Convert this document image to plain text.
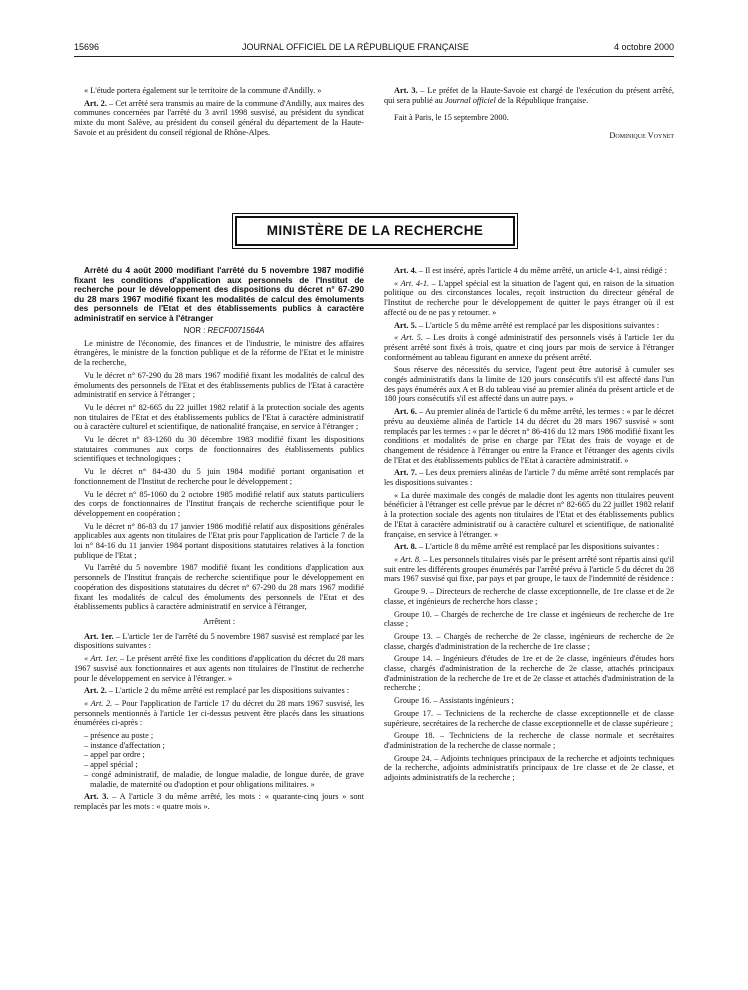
15696	JOURNAL OFFICIEL DE LA RÉPUBLIQUE FRANÇAISE	4 octobre 2000

« L'étude portera également sur le territoire de la commune d'Andilly. »

Art. 2. – Cet arrêté sera transmis au maire de la commune d'Andilly, aux maires des communes concernées par l'arrêté du 3 avril 1998 susvisé, au président du syndicat mixte du mont Salève, au président du conseil général du département de la Haute-Savoie et au président du conseil régional de Rhône-Alpes.

Art. 3. – Le préfet de la Haute-Savoie est chargé de l'exécution du présent arrêté, qui sera publié au Journal officiel de la République française.

Fait à Paris, le 15 septembre 2000.

Dominique Voynet

MINISTÈRE DE LA RECHERCHE

Arrêté du 4 août 2000 modifiant l'arrêté du 5 novembre 1987 modifié fixant les conditions d'application aux personnels de l'Institut de recherche pour le développement des dispositions du décret n° 67-290 du 28 mars 1967 modifié fixant les modalités de calcul des émoluments des personnels de l'Etat et des établissements publics à caractère administratif en service à l'étranger

NOR : RECF0071564A

Le ministre de l'économie, des finances et de l'industrie, le ministre des affaires étrangères, le ministre de la fonction publique et de la réforme de l'Etat et le ministre de la recherche,

Vu le décret n° 67-290 du 28 mars 1967 modifié fixant les modalités de calcul des émoluments des personnels de l'Etat et des établissements publics de l'Etat à caractère administratif en service à l'étranger ;

Vu le décret n° 82-665 du 22 juillet 1982 relatif à la protection sociale des agents non titulaires de l'Etat et des établissements publics de l'Etat à caractère administratif ou à caractère culturel et scientifique, de nationalité française, en service à l'étranger ;

Vu le décret n° 83-1260 du 30 décembre 1983 modifié fixant les dispositions statutaires communes aux corps de fonctionnaires des établissements publics scientifiques et technologiques ;

Vu le décret n° 84-430 du 5 juin 1984 modifié portant organisation et fonctionnement de l'Institut de recherche pour le développement ;

Vu le décret n° 85-1060 du 2 octobre 1985 modifié relatif aux statuts particuliers des corps de fonctionnaires de l'Institut français de recherche scientifique pour le développement en coopération ;

Vu le décret n° 86-83 du 17 janvier 1986 modifié relatif aux dispositions générales applicables aux agents non titulaires de l'Etat pris pour l'application de l'article 7 de la loi n° 84-16 du 11 janvier 1984 portant dispositions statutaires relatives à la fonction publique de l'Etat ;

Vu l'arrêté du 5 novembre 1987 modifié fixant les conditions d'application aux personnels de l'Institut français de recherche scientifique pour le développement en coopération des dispositions statutaires du décret n° 67-290 du 28 mars 1967 modifié fixant les modalités de calcul des émoluments des personnels de l'Etat et des établissements publics à caractère administratif en service à l'étranger,

Arrêtent :

Art. 1er. – L'article 1er de l'arrêté du 5 novembre 1987 susvisé est remplacé par les dispositions suivantes :

« Art. 1er. – Le présent arrêté fixe les conditions d'application du décret du 28 mars 1967 susvisé aux fonctionnaires et aux agents non titulaires de l'Institut de recherche pour le développement en service à l'étranger. »

Art. 2. – L'article 2 du même arrêté est remplacé par les dispositions suivantes :

« Art. 2. – Pour l'application de l'article 17 du décret du 28 mars 1967 susvisé, les personnels mentionnés à l'article 1er ci-dessus peuvent être placés dans les situations énumérées ci-après :

– présence au poste ;
– instance d'affectation ;
– appel par ordre ;
– appel spécial ;
– congé administratif, de maladie, de longue maladie, de longue durée, de grave maladie, de maternité ou d'adoption et pour obligations militaires. »

Art. 3. – A l'article 3 du même arrêté, les mots : « quarante-cinq jours » sont remplacés par les mots : « quatre mois ».

Art. 4. – Il est inséré, après l'article 4 du même arrêté, un article 4-1, ainsi rédigé :

« Art. 4-1. – L'appel spécial est la situation de l'agent qui, en raison de la situation politique ou des circonstances locales, reçoit instruction du directeur général de l'Institut de recherche pour le développement de quitter le pays étranger où il est affecté ou de ne pas y retourner. »

Art. 5. – L'article 5 du même arrêté est remplacé par les dispositions suivantes :

« Art. 5. – Les droits à congé administratif des personnels visés à l'article 1er du présent arrêté sont fixés à trois, quatre et cinq jours par mois de service à l'étranger conformément au tableau figurant en annexe du présent arrêté.

Sous réserve des nécessités du service, l'agent peut être autorisé à cumuler ses congés administratifs dans la limite de 120 jours consécutifs s'il est affecté dans l'un des pays énumérés aux A et B du tableau visé au premier alinéa du présent article et de 180 jours consécutifs s'il est affecté dans un autre pays. »

Art. 6. – Au premier alinéa de l'article 6 du même arrêté, les termes : « par le décret prévu au deuxième alinéa de l'article 14 du décret du 28 mars 1967 susvisé » sont remplacés par les termes : « par le décret n° 86-416 du 12 mars 1986 modifié fixant les conditions et modalités de prise en charge par l'Etat des frais de voyage et de changement de résidence à l'étranger ou entre la France et l'étranger des agents civils de l'Etat et des établissements publics de l'Etat à caractère administratif. »

Art. 7. – Les deux premiers alinéas de l'article 7 du même arrêté sont remplacés par les dispositions suivantes :

« La durée maximale des congés de maladie dont les agents non titulaires peuvent bénéficier à l'étranger est celle prévue par le décret n° 82-665 du 22 juillet 1982 relatif à la protection sociale des agents non titulaires de l'Etat et des établissements publics de l'Etat à caractère administratif ou à caractère culturel et scientifique, de nationalité française, en service à l'étranger. »

Art. 8. – L'article 8 du même arrêté est remplacé par les dispositions suivantes :

« Art. 8. – Les personnels titulaires visés par le présent arrêté sont répartis ainsi qu'il suit entre les différents groupes énumérés par l'arrêté prévu à l'article 5 du décret du 28 mars 1967 susvisé qui fixe, par pays et par groupe, le taux de l'indemnité de résidence :

Groupe 9. – Directeurs de recherche de classe exceptionnelle, de 1re classe et de 2e classe, et ingénieurs de recherche hors classe ;

Groupe 10. – Chargés de recherche de 1re classe et ingénieurs de recherche de 1re classe ;

Groupe 13. – Chargés de recherche de 2e classe, ingénieurs de recherche de 2e classe, chargés d'administration de la recherche de 1re classe ;

Groupe 14. – Ingénieurs d'études de 1re et de 2e classe, ingénieurs d'études hors classe, chargés d'administration de la recherche de 2e classe, attachés principaux d'administration de la recherche de 1re et de 2e classe et attachés d'administration de la recherche ;

Groupe 16. – Assistants ingénieurs ;

Groupe 17. – Techniciens de la recherche de classe exceptionnelle et de classe supérieure, secrétaires de la recherche de classe exceptionnelle et de classe supérieure ;

Groupe 18. – Techniciens de la recherche de classe normale et secrétaires d'administration de la recherche de classe normale ;

Groupe 24. – Adjoints techniques principaux de la recherche et adjoints techniques de la recherche, adjoints administratifs principaux de 1re classe et de 2e classe, et adjoints administratifs de la recherche ;
